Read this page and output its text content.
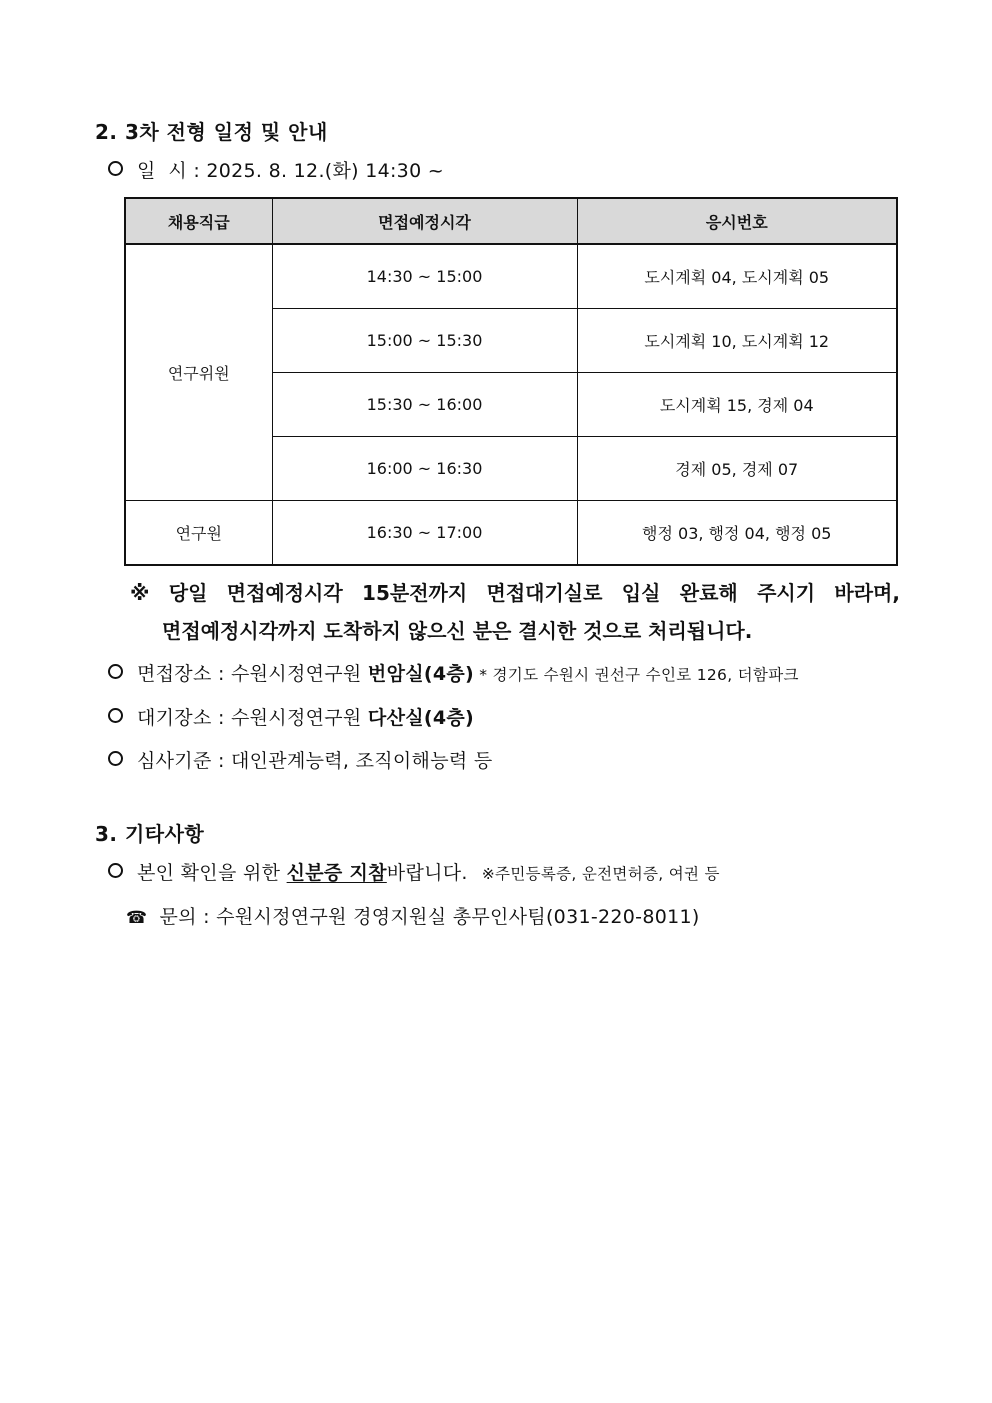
2. 3차 전형 일정 및 안내
일  시 : 2025. 8. 12.(화) 14:30 ~
채용직급	면접예정시각	응시번호
연구위원	14:30 ~ 15:00	도시계획 04, 도시계획 05
	15:00 ~ 15:30	도시계획 10, 도시계획 12
	15:30 ~ 16:00	도시계획 15, 경제 04
	16:00 ~ 16:30	경제 05, 경제 07
연구원	16:30 ~ 17:00	행정 03, 행정 04, 행정 05
※ 당일 면접예정시각 15분전까지 면접대기실로 입실 완료해 주시기 바라며,
면접예정시각까지 도착하지 않으신 분은 결시한 것으로 처리됩니다.
면접장소 : 수원시정연구원 번암실(4층) * 경기도 수원시 권선구 수인로 126, 더함파크
대기장소 : 수원시정연구원 다산실(4층)
심사기준 : 대인관계능력, 조직이해능력 등
3. 기타사항
본인 확인을 위한 신분증 지참바랍니다. ※주민등록증, 운전면허증, 여권 등
☎ 문의 : 수원시정연구원 경영지원실 총무인사팀(031-220-8011)
